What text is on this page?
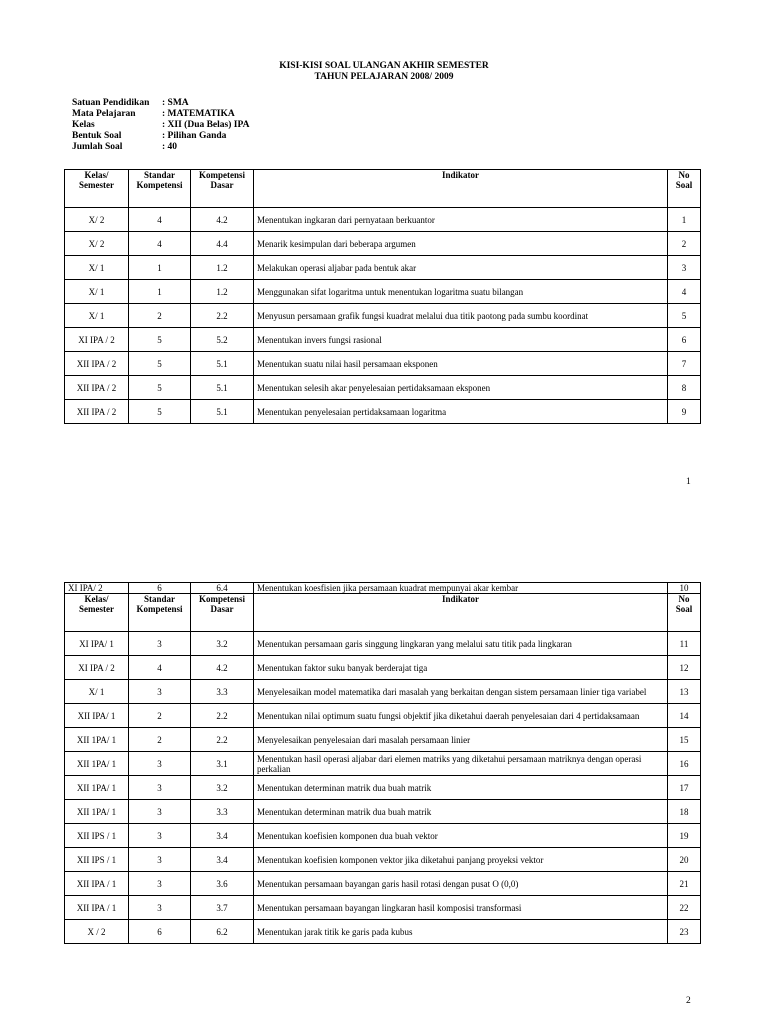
KISI-KISI SOAL ULANGAN AKHIR SEMESTER
TAHUN PELAJARAN 2008/ 2009
Satuan Pendidikan	: SMA
Mata Pelajaran	: MATEMATIKA
Kelas	: XII (Dua Belas) IPA
Bentuk Soal	: Pilihan Ganda
Jumlah Soal	: 40
Kelas/ Semester	Standar Kompetensi	Kompetensi Dasar	Indikator	No Soal
X/ 2	4	4.2	Menentukan ingkaran dari pernyataan berkuantor	1
X/ 2	4	4.4	Menarik kesimpulan dari beberapa argumen	2
X/ 1	1	1.2	Melakukan operasi aljabar pada bentuk akar	3
X/ 1	1	1.2	Menggunakan sifat logaritma untuk menentukan logaritma suatu bilangan	4
X/ 1	2	2.2	Menyusun persamaan grafik fungsi kuadrat melalui dua titik paotong pada sumbu koordinat	5
XI IPA / 2	5	5.2	Menentukan invers fungsi rasional	6
XII IPA / 2	5	5.1	Menentukan suatu nilai hasil persamaan eksponen	7
XII IPA / 2	5	5.1	Menentukan selesih akar penyelesaian pertidaksamaan eksponen	8
XII IPA / 2	5	5.1	Menentukan penyelesaian pertidaksamaan logaritma	9
1
XI IPA/ 2	6	6.4	Menentukan koesfisien jika persamaan kuadrat mempunyai akar kembar	10
Kelas/ Semester	Standar Kompetensi	Kompetensi Dasar	Indikator	No Soal
XI IPA/ 1	3	3.2	Menentukan persamaan garis singgung lingkaran yang melalui satu titik pada lingkaran	11
XI IPA / 2	4	4.2	Menentukan faktor suku banyak berderajat tiga	12
X/ 1	3	3.3	Menyelesaikan model matematika dari masalah yang berkaitan dengan sistem persamaan linier tiga variabel	13
XII IPA/ 1	2	2.2	Menentukan nilai optimum suatu fungsi objektif jika diketahui daerah penyelesaian dari 4 pertidaksamaan	14
XII 1PA/ 1	2	2.2	Menyelesaikan penyelesaian dari masalah persamaan linier	15
XII 1PA/ 1	3	3.1	Menentukan hasil operasi aljabar dari elemen matriks yang diketahui persamaan matriknya dengan operasi perkalian	16
XII 1PA/ 1	3	3.2	Menentukan determinan matrik dua buah matrik	17
XII 1PA/ 1	3	3.3	Menentukan determinan matrik dua buah matrik	18
XII IPS / 1	3	3.4	Menentukan koefisien komponen dua buah vektor	19
XII IPS / 1	3	3.4	Menentukan koefisien komponen vektor jika diketahui panjang proyeksi vektor	20
XII IPA / 1	3	3.6	Menentukan persamaan bayangan garis hasil rotasi dengan pusat O (0,0)	21
XII IPA / 1	3	3.7	Menentukan persamaan bayangan lingkaran hasil komposisi transformasi	22
X / 2	6	6.2	Menentukan jarak titik ke garis pada kubus	23
2
